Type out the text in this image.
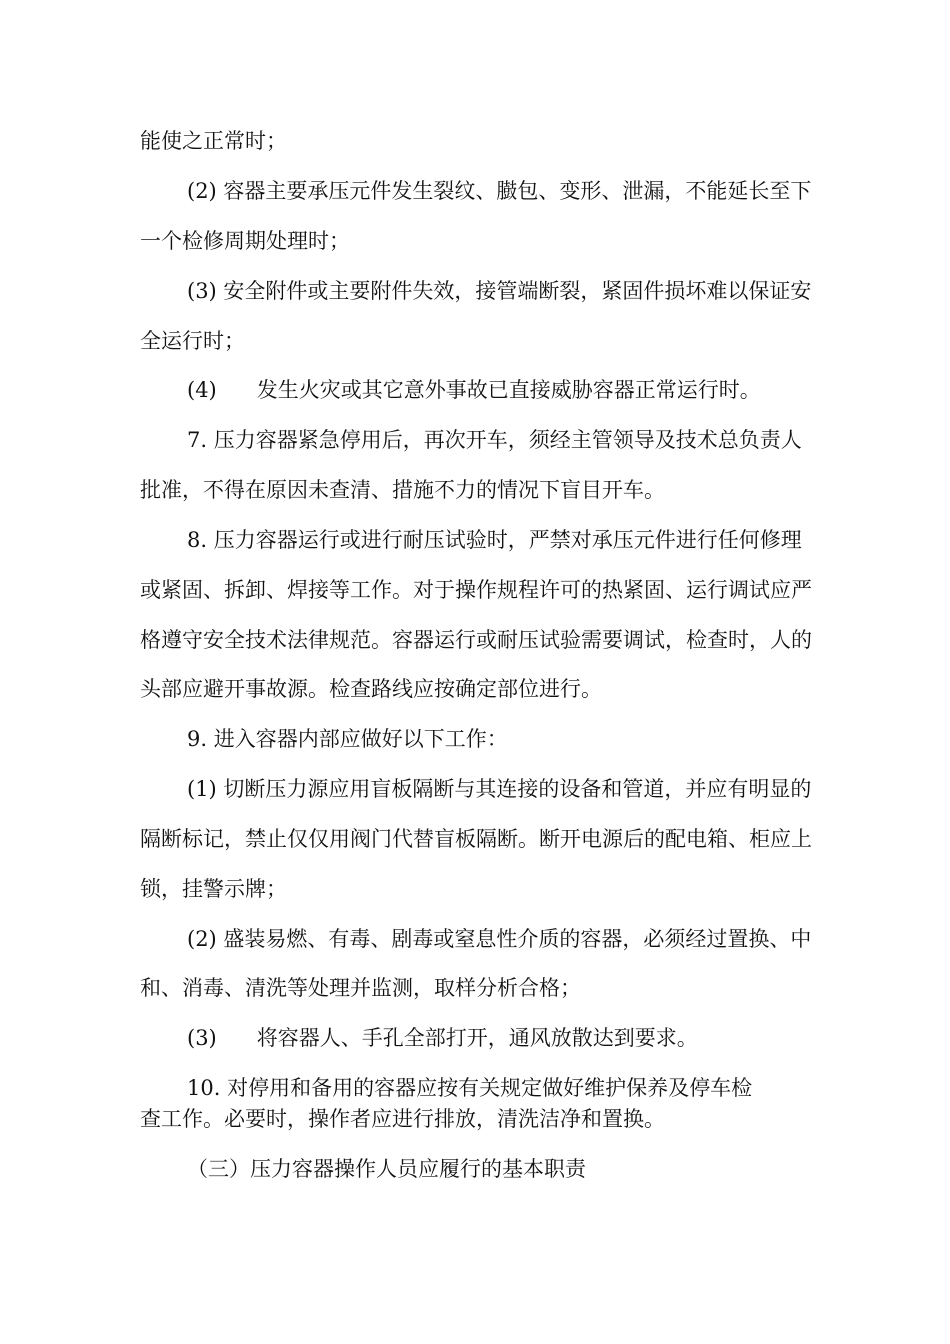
能使之正常时；
(2) 容器主要承压元件发生裂纹、臌包、变形、泄漏，不能延长至下
一个检修周期处理时；
(3) 安全附件或主要附件失效，接管端断裂，紧固件损坏难以保证安
全运行时；
(4) 发生火灾或其它意外事故已直接威胁容器正常运行时。
7. 压力容器紧急停用后，再次开车，须经主管领导及技术总负责人
批准，不得在原因未查清、措施不力的情况下盲目开车。
8. 压力容器运行或进行耐压试验时，严禁对承压元件进行任何修理
或紧固、拆卸、焊接等工作。对于操作规程许可的热紧固、运行调试应严
格遵守安全技术法律规范。容器运行或耐压试验需要调试，检查时，人的
头部应避开事故源。检查路线应按确定部位进行。
9. 进入容器内部应做好以下工作：
(1) 切断压力源应用盲板隔断与其连接的设备和管道，并应有明显的
隔断标记，禁止仅仅用阀门代替盲板隔断。断开电源后的配电箱、柜应上
锁，挂警示牌；
(2) 盛装易燃、有毒、剧毒或窒息性介质的容器，必须经过置换、中
和、消毒、清洗等处理并监测，取样分析合格；
(3) 将容器人、手孔全部打开，通风放散达到要求。
10. 对停用和备用的容器应按有关规定做好维护保养及停车检
查工作。必要时，操作者应进行排放，清洗洁净和置换。
（三）压力容器操作人员应履行的基本职责
